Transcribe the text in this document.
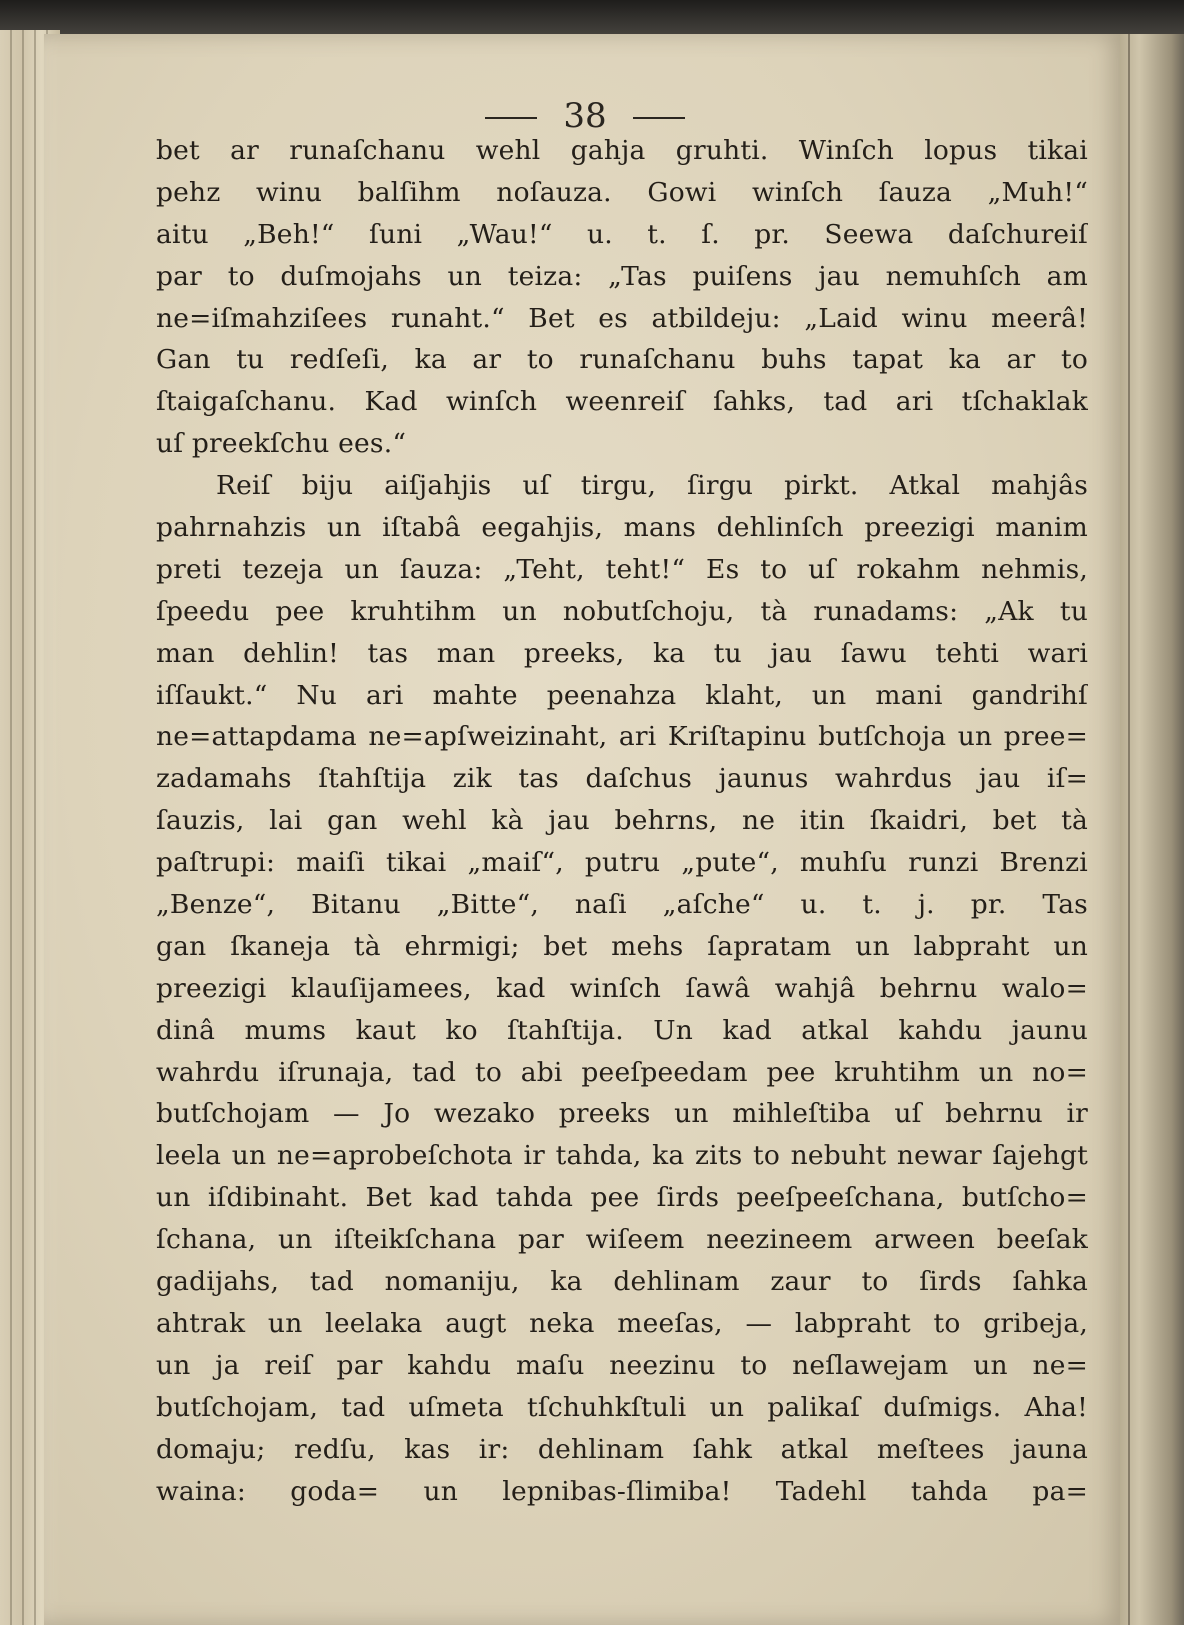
38
bet ar runaſchanu wehl gahja gruhti. Winſch lopus tikai
pehz winu balſihm noſauza. Gowi winſch ſauza „Muh!“
aitu „Beh!“ ſuni „Wau!“ u. t. ſ. pr. Seewa daſchureiſ
par to duſmojahs un teiza: „Tas puiſens jau nemuhſch am
ne=iſmahziſees runaht.“ Bet es atbildeju: „Laid winu meerâ!
Gan tu redſeſi, ka ar to runaſchanu buhs tapat ka ar to
ſtaigaſchanu. Kad winſch weenreiſ ſahks, tad ari tſchaklak
uſ preekſchu ees.“
Reiſ biju aiſjahjis uſ tirgu, ſirgu pirkt. Atkal mahjâs
pahrnahzis un iſtabâ eegahjis, mans dehlinſch preezigi manim
preti tezeja un ſauza: „Teht, teht!“ Es to uſ rokahm nehmis,
ſpeedu pee kruhtihm un nobutſchoju, tà runadams: „Ak tu
man dehlin! tas man preeks, ka tu jau ſawu tehti wari
iſſaukt.“ Nu ari mahte peenahza klaht, un mani gandrihſ
ne=attapdama ne=apſweizinaht, ari Kriſtapinu butſchoja un pree=
zadamahs ſtahſtija zik tas daſchus jaunus wahrdus jau iſ=
ſauzis, lai gan wehl kà jau behrns, ne itin ſkaidri, bet tà
paſtrupi: maiſi tikai „maiſ“, putru „pute“, muhſu runzi Brenzi
„Benze“, Bitanu „Bitte“, naſi „aſche“ u. t. j. pr. Tas
gan ſkaneja tà ehrmigi; bet mehs ſapratam un labpraht un
preezigi klauſijamees, kad winſch ſawâ wahjâ behrnu walo=
dinâ mums kaut ko ſtahſtija. Un kad atkal kahdu jaunu
wahrdu iſrunaja, tad to abi peeſpeedam pee kruhtihm un no=
butſchojam — Jo wezako preeks un mihleſtiba uſ behrnu ir
leela un ne=aprobeſchota ir tahda, ka zits to nebuht newar ſajehgt
un iſdibinaht. Bet kad tahda pee ſirds peeſpeeſchana, butſcho=
ſchana, un iſteikſchana par wiſeem neezineem arween beeſak
gadijahs, tad nomaniju, ka dehlinam zaur to ſirds ſahka
ahtrak un leelaka augt neka meeſas, — labpraht to gribeja,
un ja reiſ par kahdu maſu neezinu to neſlawejam un ne=
butſchojam, tad uſmeta tſchuhkſtuli un palikaſ duſmigs. Aha!
domaju; redſu, kas ir: dehlinam ſahk atkal meſtees jauna
waina: goda= un lepnibas-ſlimiba! Tadehl tahda pa=
